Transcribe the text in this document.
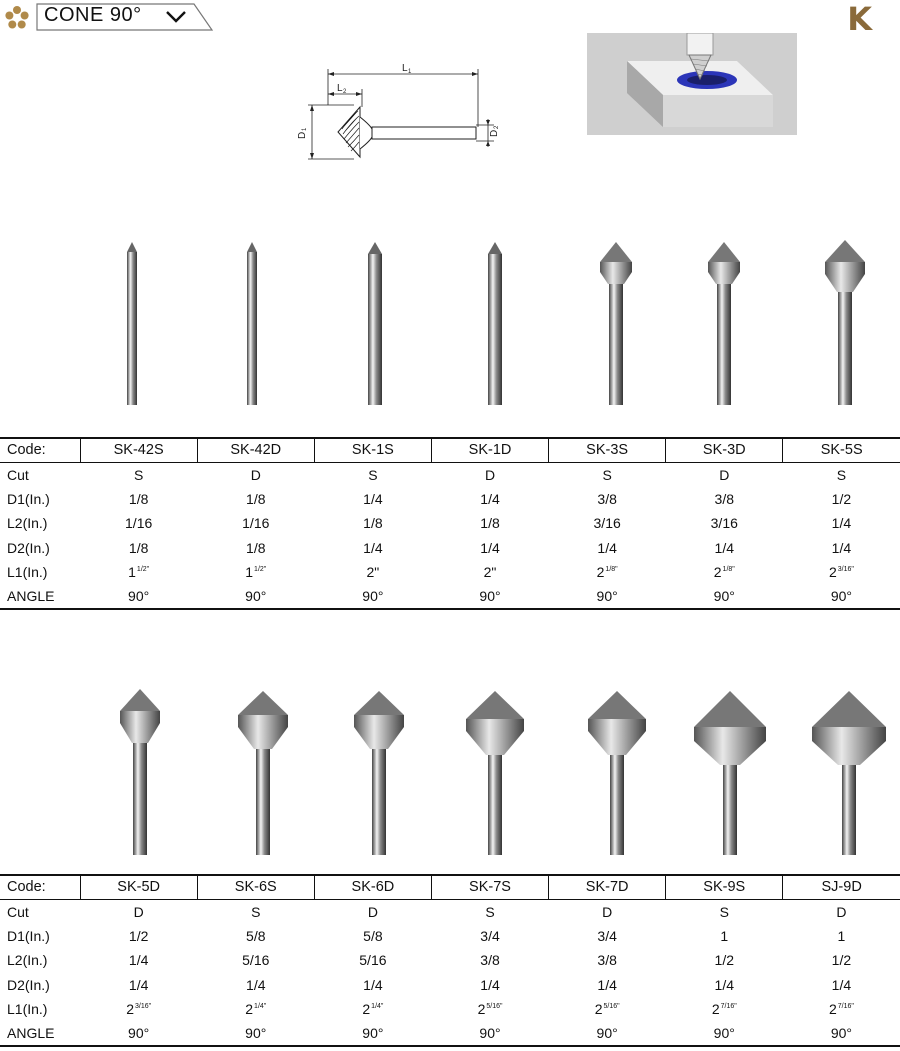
CONE 90°	K
L 1
L 2
D
1
D
2
Code:	SK-42S	SK-42D	SK-1S	SK-1D	SK-3S	SK-3D	SK-5S
Cut	S	D	S	D	S	D	S
D1(In.)	1/8	1/8	1/4	1/4	3/8	3/8	1/2
L2(In.)	1/16	1/16	1/8	1/8	3/16	3/16	1/4
D2(In.)	1/8	1/8	1/4	1/4	1/4	1/4	1/4
L1(In.)	$1^{1/2"}$	$1^{1/2"}$	2"	2"	$2^{1/8"}$	$2^{1/8"}$	$2^{3/16"}$
ANGLE	90°	90°	90°	90°	90°	90°	90°
Code:	SK-5D	SK-6S	SK-6D	SK-7S	SK-7D	SK-9S	SJ-9D
Cut	D	S	D	S	D	S	D
D1(In.)	1/2	5/8	5/8	3/4	3/4	1	1
L2(In.)	1/4	5/16	5/16	3/8	3/8	1/2	1/2
D2(In.)	1/4	1/4	1/4	1/4	1/4	1/4	1/4
L1(In.)	$2^{3/16"}$	$2^{1/4"}$	$2^{1/4"}$	$2^{5/16"}$	$2^{5/16"}$	$2^{7/16"}$	$2^{7/16"}$
ANGLE	90°	90°	90°	90°	90°	90°	90°
